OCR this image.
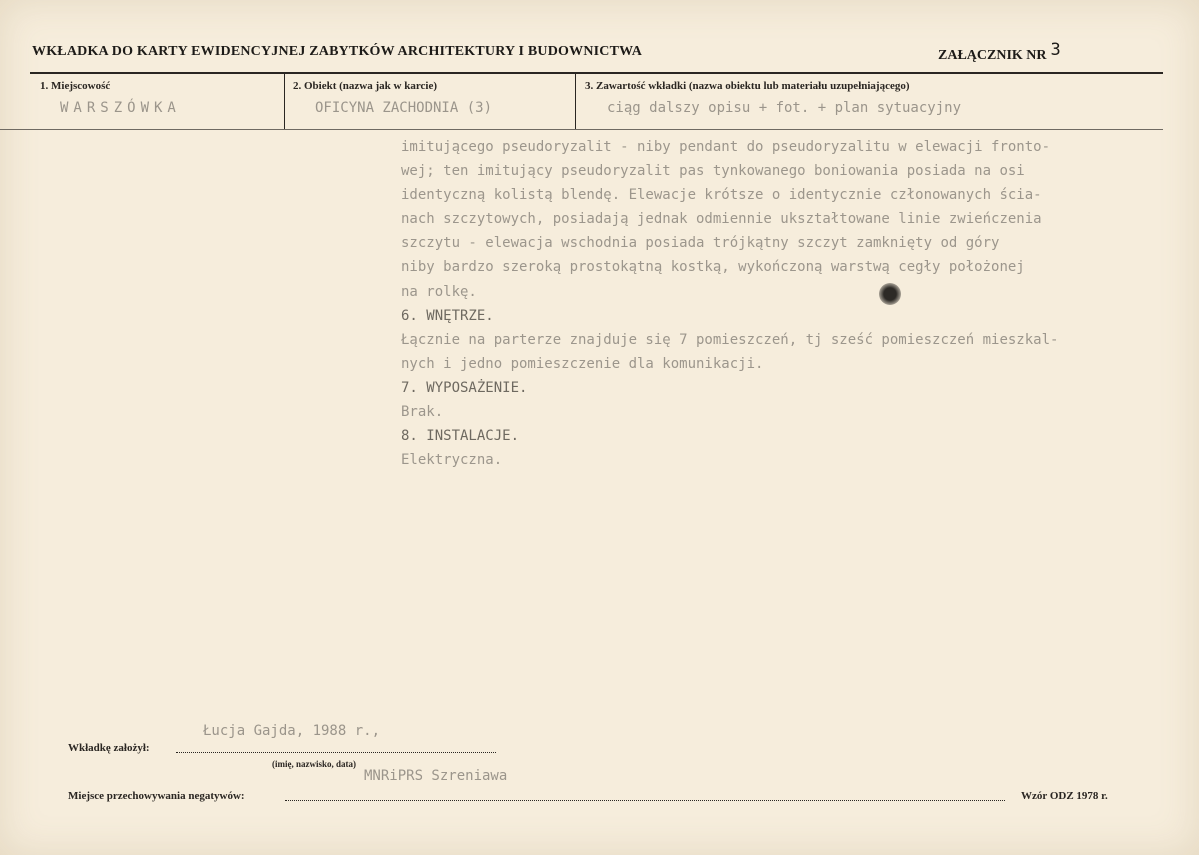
WKŁADKA DO KARTY EWIDENCYJNEJ ZABYTKÓW ARCHITEKTURY I BUDOWNICTWA	ZAŁĄCZNIK NR 3
1. Miejscowość
WARSZÓWKA
2. Obiekt (nazwa jak w karcie)
OFICYNA ZACHODNIA (3)
3. Zawartość wkładki (nazwa obiektu lub materiału uzupełniającego)
ciąg dalszy opisu + fot. + plan sytuacyjny
imitującego pseudoryzalit - niby pendant do pseudoryzalitu w elewacji fronto-
wej; ten imitujący pseudoryzalit pas tynkowanego boniowania posiada na osi
identyczną kolistą blendę. Elewacje krótsze o identycznie członowanych ścia-
nach szczytowych, posiadają jednak odmiennie ukształtowane linie zwieńczenia
szczytu - elewacja wschodnia posiada trójkątny szczyt zamknięty od góry
niby bardzo szeroką prostokątną kostką, wykończoną warstwą cegły położonej
na rolkę.
6. WNĘTRZE.
Łącznie na parterze znajduje się 7 pomieszczeń, tj sześć pomieszczeń mieszkal-
nych i jedno pomieszczenie dla komunikacji.
7. WYPOSAŻENIE.
Brak.
8. INSTALACJE.
Elektryczna.
Łucja Gajda, 1988 r.,
Wkładkę założył:
(imię, nazwisko, data)
MNRiPRS Szreniawa
Miejsce przechowywania negatywów:	Wzór ODZ 1978 r.
